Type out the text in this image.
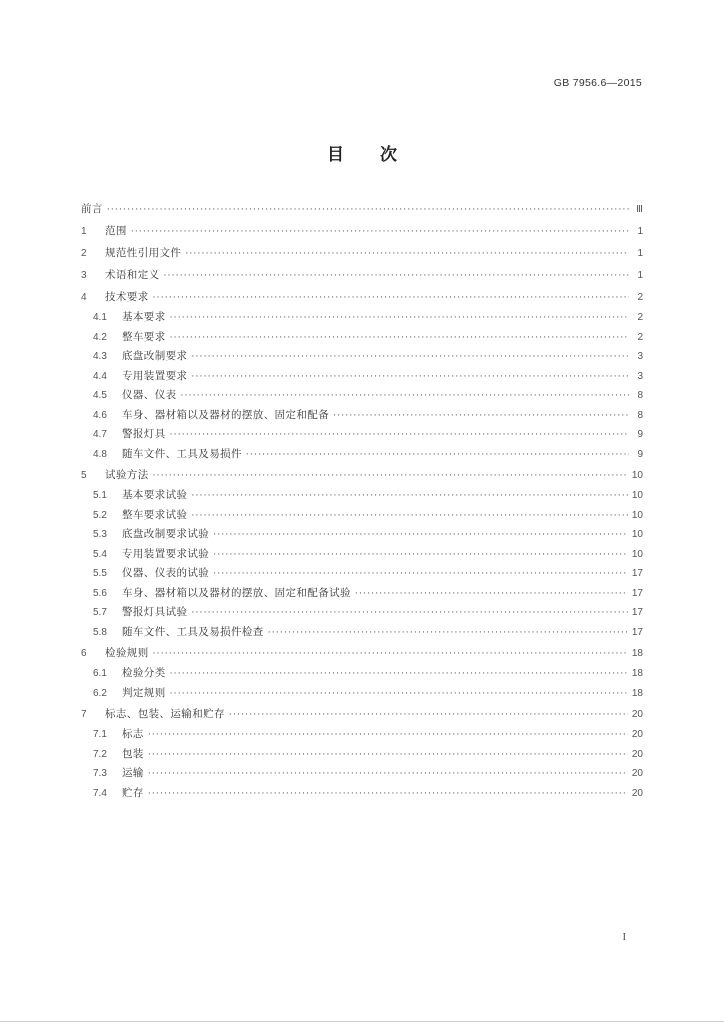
GB 7956.6—2015
目 次
前言 ·····	Ⅲ
1	范围 ·····	1
2	规范性引用文件 ·····	1
3	术语和定义 ·····	1
4	技术要求 ·····	2
4.1	基本要求 ·····	2
4.2	整车要求 ·····	2
4.3	底盘改制要求 ·····	3
4.4	专用装置要求 ·····	3
4.5	仪器、仪表 ·····	8
4.6	车身、器材箱以及器材的摆放、固定和配备 ·····	8
4.7	警报灯具 ·····	9
4.8	随车文件、工具及易损件 ·····	9
5	试验方法 ·····	10
5.1	基本要求试验 ·····	10
5.2	整车要求试验 ·····	10
5.3	底盘改制要求试验 ·····	10
5.4	专用装置要求试验 ·····	10
5.5	仪器、仪表的试验 ·····	17
5.6	车身、器材箱以及器材的摆放、固定和配备试验 ·····	17
5.7	警报灯具试验 ·····	17
5.8	随车文件、工具及易损件检查 ·····	17
6	检验规则 ·····	18
6.1	检验分类 ·····	18
6.2	判定规则 ·····	18
7	标志、包装、运输和贮存 ·····	20
7.1	标志 ·····	20
7.2	包装 ·····	20
7.3	运输 ·····	20
7.4	贮存 ·····	20
I
